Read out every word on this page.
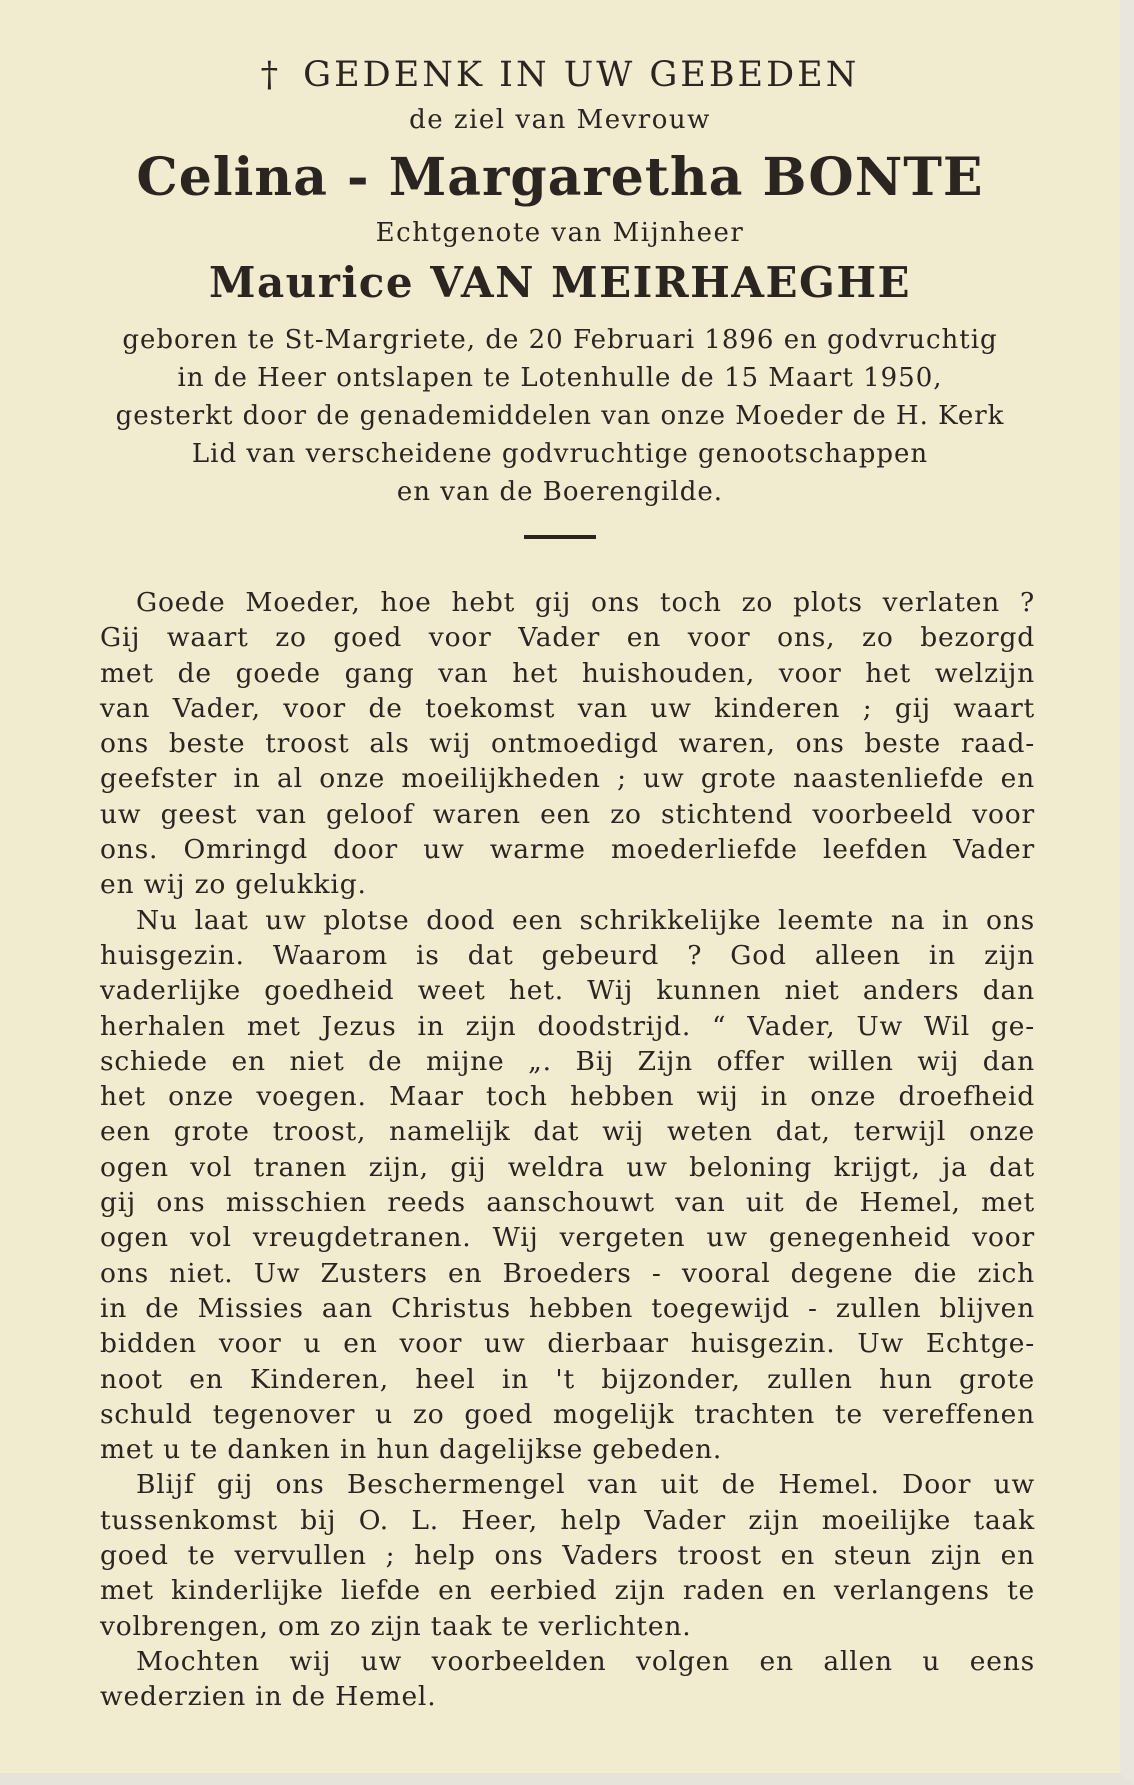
† GEDENK IN UW GEBEDEN
de ziel van Mevrouw
Celina - Margaretha BONTE
Echtgenote van Mijnheer
Maurice VAN MEIRHAEGHE
geboren te St-Margriete, de 20 Februari 1896 en godvruchtig
in de Heer ontslapen te Lotenhulle de 15 Maart 1950,
gesterkt door de genademiddelen van onze Moeder de H. Kerk
Lid van verscheidene godvruchtige genootschappen
en van de Boerengilde.
Goede Moeder, hoe hebt gij ons toch zo plots verlaten ?
Gij waart zo goed voor Vader en voor ons, zo bezorgd
met de goede gang van het huishouden, voor het welzijn
van Vader, voor de toekomst van uw kinderen ; gij waart
ons beste troost als wij ontmoedigd waren, ons beste raad-
geefster in al onze moeilijkheden ; uw grote naastenliefde en
uw geest van geloof waren een zo stichtend voorbeeld voor
ons. Omringd door uw warme moederliefde leefden Vader
en wij zo gelukkig.
Nu laat uw plotse dood een schrikkelijke leemte na in ons
huisgezin. Waarom is dat gebeurd ? God alleen in zijn
vaderlijke goedheid weet het. Wij kunnen niet anders dan
herhalen met Jezus in zijn doodstrijd. “ Vader, Uw Wil ge-
schiede en niet de mijne „. Bij Zijn offer willen wij dan
het onze voegen. Maar toch hebben wij in onze droefheid
een grote troost, namelijk dat wij weten dat, terwijl onze
ogen vol tranen zijn, gij weldra uw beloning krijgt, ja dat
gij ons misschien reeds aanschouwt van uit de Hemel, met
ogen vol vreugdetranen. Wij vergeten uw genegenheid voor
ons niet. Uw Zusters en Broeders - vooral degene die zich
in de Missies aan Christus hebben toegewijd - zullen blijven
bidden voor u en voor uw dierbaar huisgezin. Uw Echtge-
noot en Kinderen, heel in 't bijzonder, zullen hun grote
schuld tegenover u zo goed mogelijk trachten te vereffenen
met u te danken in hun dagelijkse gebeden.
Blijf gij ons Beschermengel van uit de Hemel. Door uw
tussenkomst bij O. L. Heer, help Vader zijn moeilijke taak
goed te vervullen ; help ons Vaders troost en steun zijn en
met kinderlijke liefde en eerbied zijn raden en verlangens te
volbrengen, om zo zijn taak te verlichten.
Mochten wij uw voorbeelden volgen en allen u eens
wederzien in de Hemel.
